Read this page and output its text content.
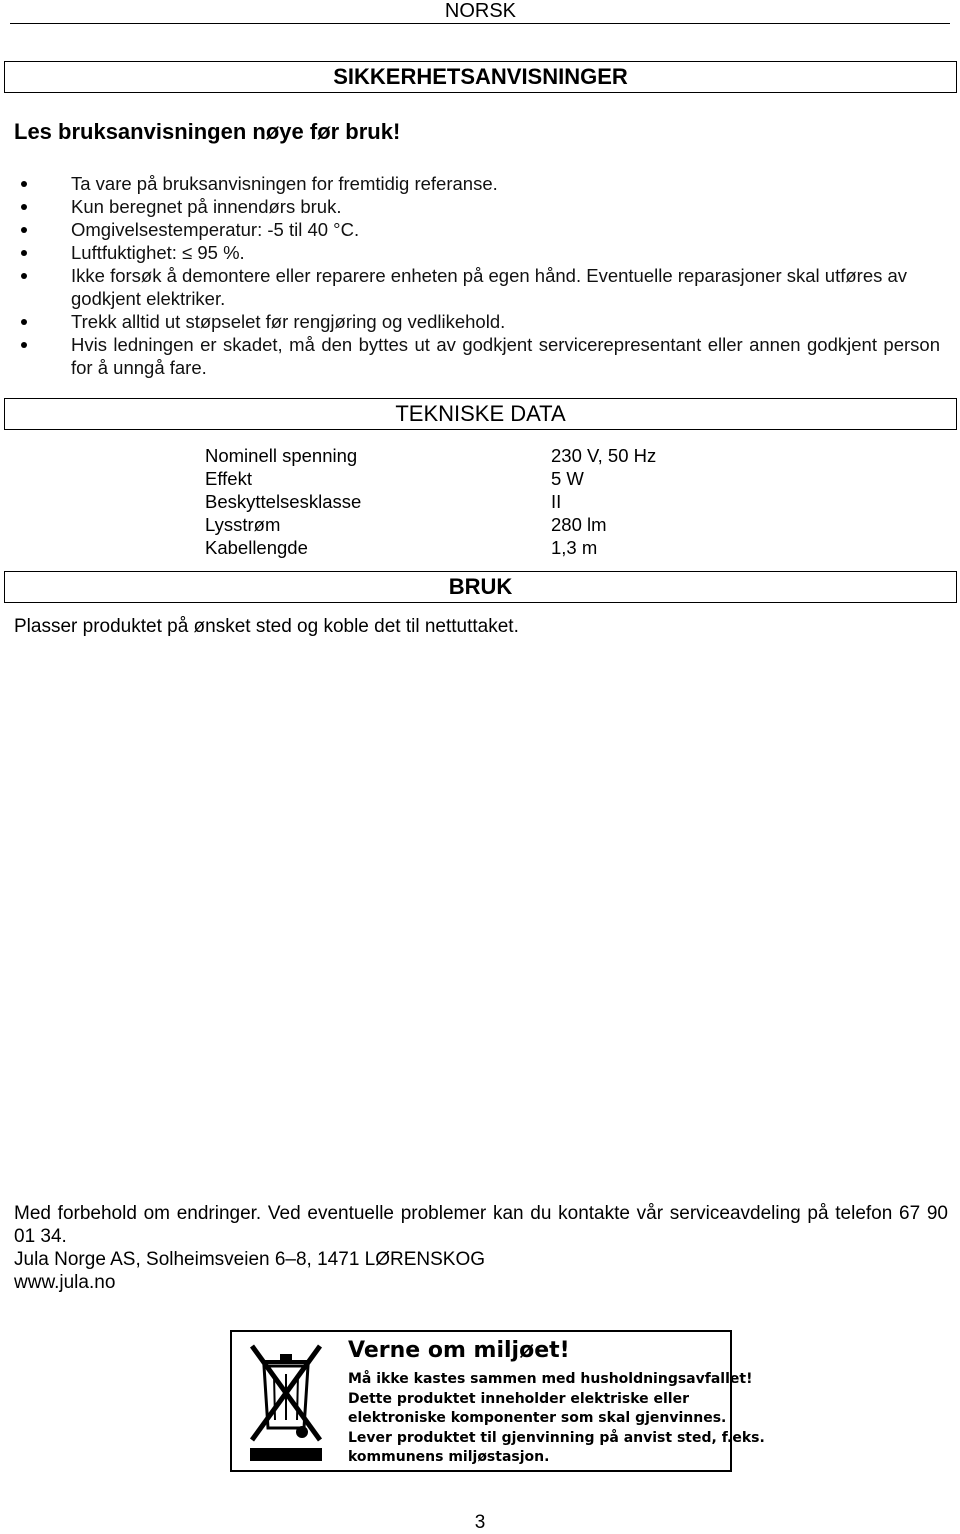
NORSK
SIKKERHETSANVISNINGER
Les bruksanvisningen nøye før bruk!
Ta vare på bruksanvisningen for fremtidig referanse.
Kun beregnet på innendørs bruk.
Omgivelsestemperatur: -5 til 40 °C.
Luftfuktighet: ≤ 95 %.
Ikke forsøk å demontere eller reparere enheten på egen hånd. Eventuelle reparasjoner skal utføres av godkjent elektriker.
Trekk alltid ut støpselet før rengjøring og vedlikehold.
Hvis ledningen er skadet, må den byttes ut av godkjent servicerepresentant eller annen godkjent person for å unngå fare.
TEKNISKE DATA
Nominell spenning	230 V, 50 Hz
Effekt	5 W
Beskyttelsesklasse	II
Lysstrøm	280 lm
Kabellengde	1,3 m
BRUK
Plasser produktet på ønsket sted og koble det til nettuttaket.

Med forbehold om endringer. Ved eventuelle problemer kan du kontakte vår serviceavdeling på telefon 67 90 01 34.

Jula Norge AS, Solheimsveien 6–8, 1471 LØRENSKOG

www.jula.no

Verne om miljøet!
Må ikke kastes sammen med husholdningsavfallet!
Dette produktet inneholder elektriske eller
elektroniske komponenter som skal gjenvinnes.
Lever produktet til gjenvinning på anvist sted, f.eks.
kommunens miljøstasjon.
3
